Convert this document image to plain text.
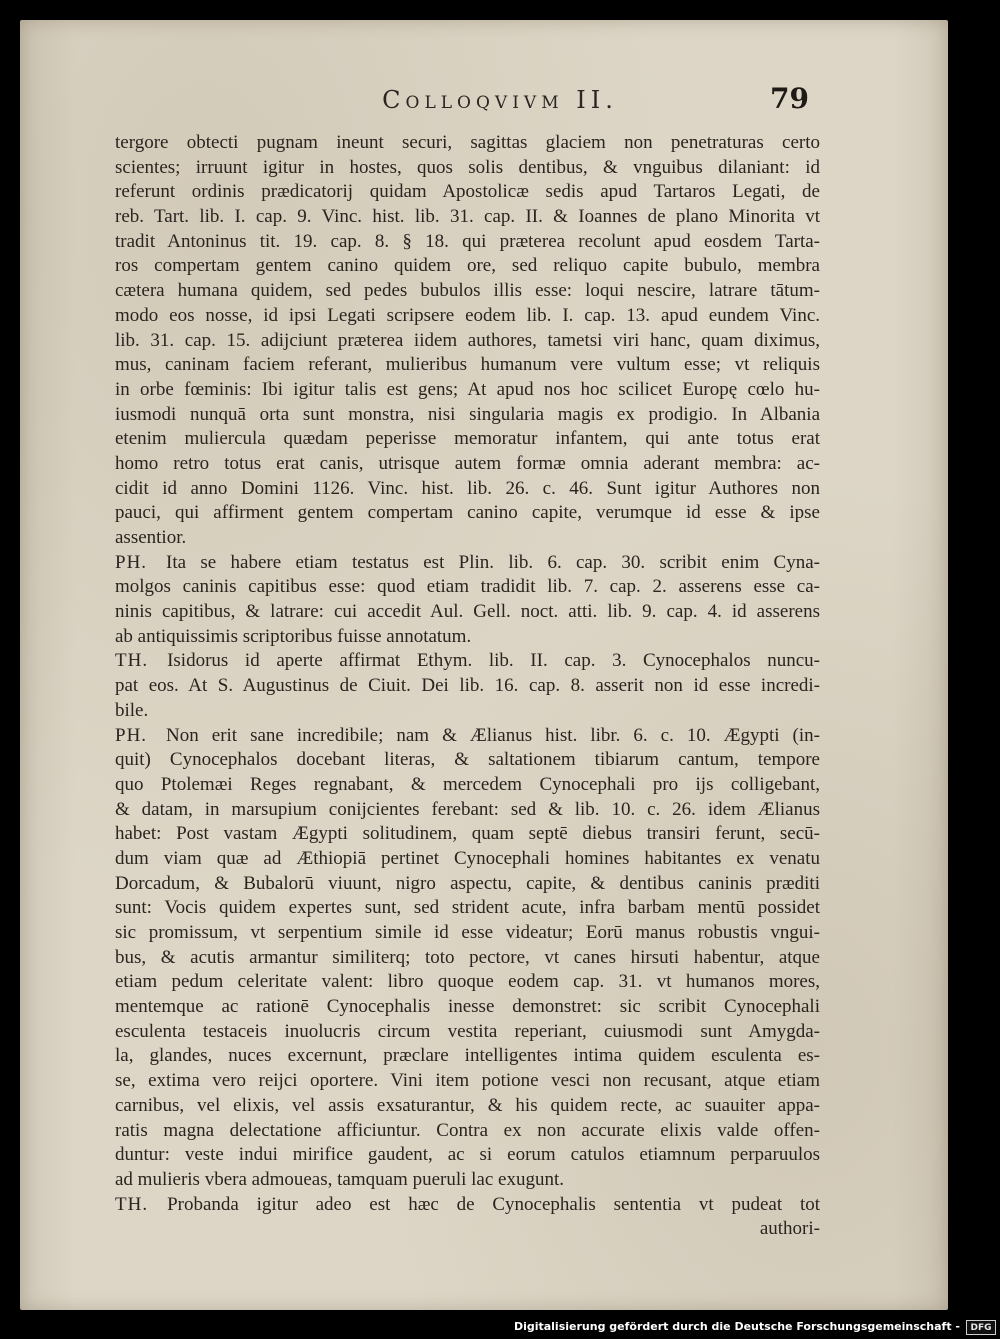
Colloqvivm II.	79
tergore obtecti pugnam ineunt securi, sagittas glaciem non penetraturas certo
scientes; irruunt igitur in hostes, quos solis dentibus, & vnguibus dilaniant: id
referunt ordinis prædicatorij quidam Apostolicæ sedis apud Tartaros Legati, de
reb. Tart. lib. I. cap. 9. Vinc. hist. lib. 31. cap. II. & Ioannes de plano Minorita vt
tradit Antoninus tit. 19. cap. 8. § 18. qui præterea recolunt apud eosdem Tarta-
ros compertam gentem canino quidem ore, sed reliquo capite bubulo, membra
cætera humana quidem, sed pedes bubulos illis esse: loqui nescire, latrare tātum-
modo eos nosse, id ipsi Legati scripsere eodem lib. I. cap. 13. apud eundem Vinc.
lib. 31. cap. 15. adijciunt præterea iidem authores, tametsi viri hanc, quam diximus,
mus, caninam faciem referant, mulieribus humanum vere vultum esse; vt reliquis
in orbe fœminis: Ibi igitur talis est gens; At apud nos hoc scilicet Europę cœlo hu-
iusmodi nunquā orta sunt monstra, nisi singularia magis ex prodigio. In Albania
etenim muliercula quædam peperisse memoratur infantem, qui ante totus erat
homo retro totus erat canis, utrisque autem formæ omnia aderant membra: ac-
cidit id anno Domini 1126. Vinc. hist. lib. 26. c. 46. Sunt igitur Authores non
pauci, qui affirment gentem compertam canino capite, verumque id esse & ipse
assentior.
PH.  Ita se habere etiam testatus est Plin. lib. 6. cap. 30. scribit enim Cyna-
molgos caninis capitibus esse: quod etiam tradidit lib. 7. cap. 2. asserens esse ca-
ninis capitibus, & latrare: cui accedit Aul. Gell. noct. atti. lib. 9. cap. 4. id asserens
ab antiquissimis scriptoribus fuisse annotatum.
TH.  Isidorus id aperte affirmat Ethym. lib. II. cap. 3. Cynocephalos nuncu-
pat eos. At S. Augustinus de Ciuit. Dei lib. 16. cap. 8. asserit non id esse incredi-
bile.
PH.  Non erit sane incredibile; nam & Ælianus hist. libr. 6. c. 10. Ægypti (in-
quit) Cynocephalos docebant literas, & saltationem tibiarum cantum, tempore
quo Ptolemæi Reges regnabant, & mercedem Cynocephali pro ijs colligebant,
& datam, in marsupium conijcientes ferebant: sed & lib. 10. c. 26. idem Ælianus
habet: Post vastam Ægypti solitudinem, quam septē diebus transiri ferunt, secū-
dum viam quæ ad Æthiopiā pertinet Cynocephali homines habitantes ex venatu
Dorcadum, & Bubalorū viuunt, nigro aspectu, capite, & dentibus caninis præditi
sunt: Vocis quidem expertes sunt, sed strident acute, infra barbam mentū possidet
sic promissum, vt serpentium simile id esse videatur; Eorū manus robustis vngui-
bus, & acutis armantur similiterq; toto pectore, vt canes hirsuti habentur, atque
etiam pedum celeritate valent: libro quoque eodem cap. 31. vt humanos mores,
mentemque ac rationē Cynocephalis inesse demonstret: sic scribit Cynocephali
esculenta testaceis inuolucris circum vestita reperiant, cuiusmodi sunt Amygda-
la, glandes, nuces excernunt, præclare intelligentes intima quidem esculenta es-
se, extima vero reijci oportere. Vini item potione vesci non recusant, atque etiam
carnibus, vel elixis, vel assis exsaturantur, & his quidem recte, ac suauiter appa-
ratis magna delectatione afficiuntur. Contra ex non accurate elixis valde offen-
duntur: veste indui mirifice gaudent, ac si eorum catulos etiamnum perparuulos
ad mulieris vbera admoueas, tamquam pueruli lac exugunt.
TH.  Probanda igitur adeo est hæc de Cynocephalis sententia vt pudeat tot
authori-
Digitalisierung gefördert durch die Deutsche Forschungsgemeinschaft -	DFG
